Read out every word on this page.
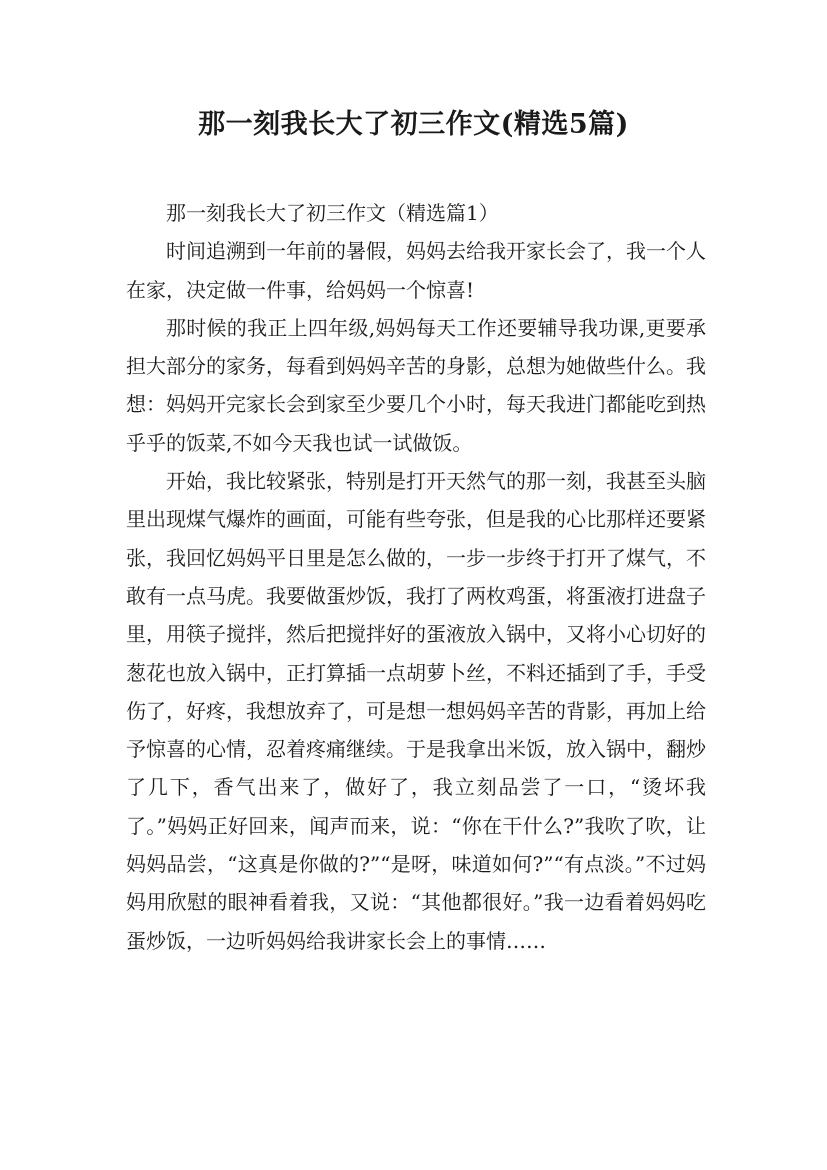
那一刻我长大了初三作文(精选5篇)

那一刻我长大了初三作文（精选篇1）

时间追溯到一年前的暑假，妈妈去给我开家长会了，我一个人在家，决定做一件事，给妈妈一个惊喜!

那时候的我正上四年级,妈妈每天工作还要辅导我功课,更要承担大部分的家务，每看到妈妈辛苦的身影，总想为她做些什么。我想：妈妈开完家长会到家至少要几个小时，每天我进门都能吃到热乎乎的饭菜,不如今天我也试一试做饭。

开始，我比较紧张，特别是打开天然气的那一刻，我甚至头脑里出现煤气爆炸的画面，可能有些夸张，但是我的心比那样还要紧张，我回忆妈妈平日里是怎么做的，一步一步终于打开了煤气，不敢有一点马虎。我要做蛋炒饭，我打了两枚鸡蛋，将蛋液打进盘子里，用筷子搅拌，然后把搅拌好的蛋液放入锅中，又将小心切好的葱花也放入锅中，正打算插一点胡萝卜丝，不料还插到了手，手受伤了，好疼，我想放弃了，可是想一想妈妈辛苦的背影，再加上给予惊喜的心情，忍着疼痛继续。于是我拿出米饭，放入锅中，翻炒了几下，香气出来了，做好了，我立刻品尝了一口，“烫坏我了。”妈妈正好回来，闻声而来，说：“你在干什么?”我吹了吹，让妈妈品尝，“这真是你做的?”“是呀，味道如何?”“有点淡。”不过妈妈用欣慰的眼神看着我，又说：“其他都很好。”我一边看着妈妈吃蛋炒饭，一边听妈妈给我讲家长会上的事情……
